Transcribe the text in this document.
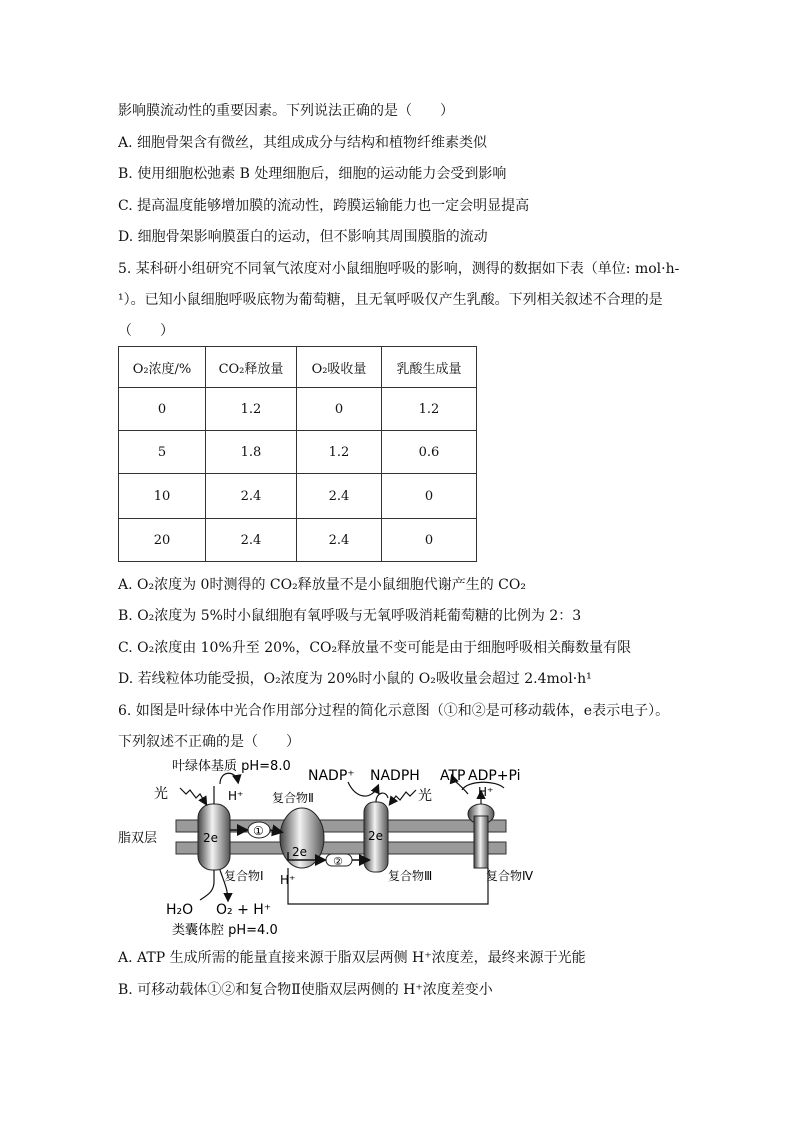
影响膜流动性的重要因素。下列说法正确的是（　　）
A. 细胞骨架含有微丝，其组成成分与结构和植物纤维素类似
B. 使用细胞松弛素 B 处理细胞后，细胞的运动能力会受到影响
C. 提高温度能够增加膜的流动性，跨膜运输能力也一定会明显提高
D. 细胞骨架影响膜蛋白的运动，但不影响其周围膜脂的流动
5. 某科研小组研究不同氧气浓度对小鼠细胞呼吸的影响，测得的数据如下表（单位: mol·h-
¹）。已知小鼠细胞呼吸底物为葡萄糖，且无氧呼吸仅产生乳酸。下列相关叙述不合理的是
（　　）
O₂浓度/%	CO₂释放量	O₂吸收量	乳酸生成量
0	1.2	0	1.2
5	1.8	1.2	0.6
10	2.4	2.4	0
20	2.4	2.4	0
A. O₂浓度为 0时测得的 CO₂释放量不是小鼠细胞代谢产生的 CO₂
B. O₂浓度为 5%时小鼠细胞有氧呼吸与无氧呼吸消耗葡萄糖的比例为 2：3
C. O₂浓度由 10%升至 20%，CO₂释放量不变可能是由于细胞呼吸相关酶数量有限
D. 若线粒体功能受损，O₂浓度为 20%时小鼠的 O₂吸收量会超过 2.4mol·h¹
6. 如图是叶绿体中光合作用部分过程的简化示意图（①和②是可移动载体，e表示电子）。
下列叙述不正确的是（　　）
叶绿体基质 pH=8.0
光	H⁺ 复合物Ⅱ
NADP⁺ NADPH
光
ATP ADP+Pi
H⁺
脂双层	2e	①
2e
②
2e
复合物Ⅰ H⁺	复合物Ⅲ	复合物Ⅳ
H₂O O₂ + H⁺
类囊体腔 pH=4.0
A. ATP 生成所需的能量直接来源于脂双层两侧 H⁺浓度差，最终来源于光能
B. 可移动载体①②和复合物Ⅱ使脂双层两侧的 H⁺浓度差变小
